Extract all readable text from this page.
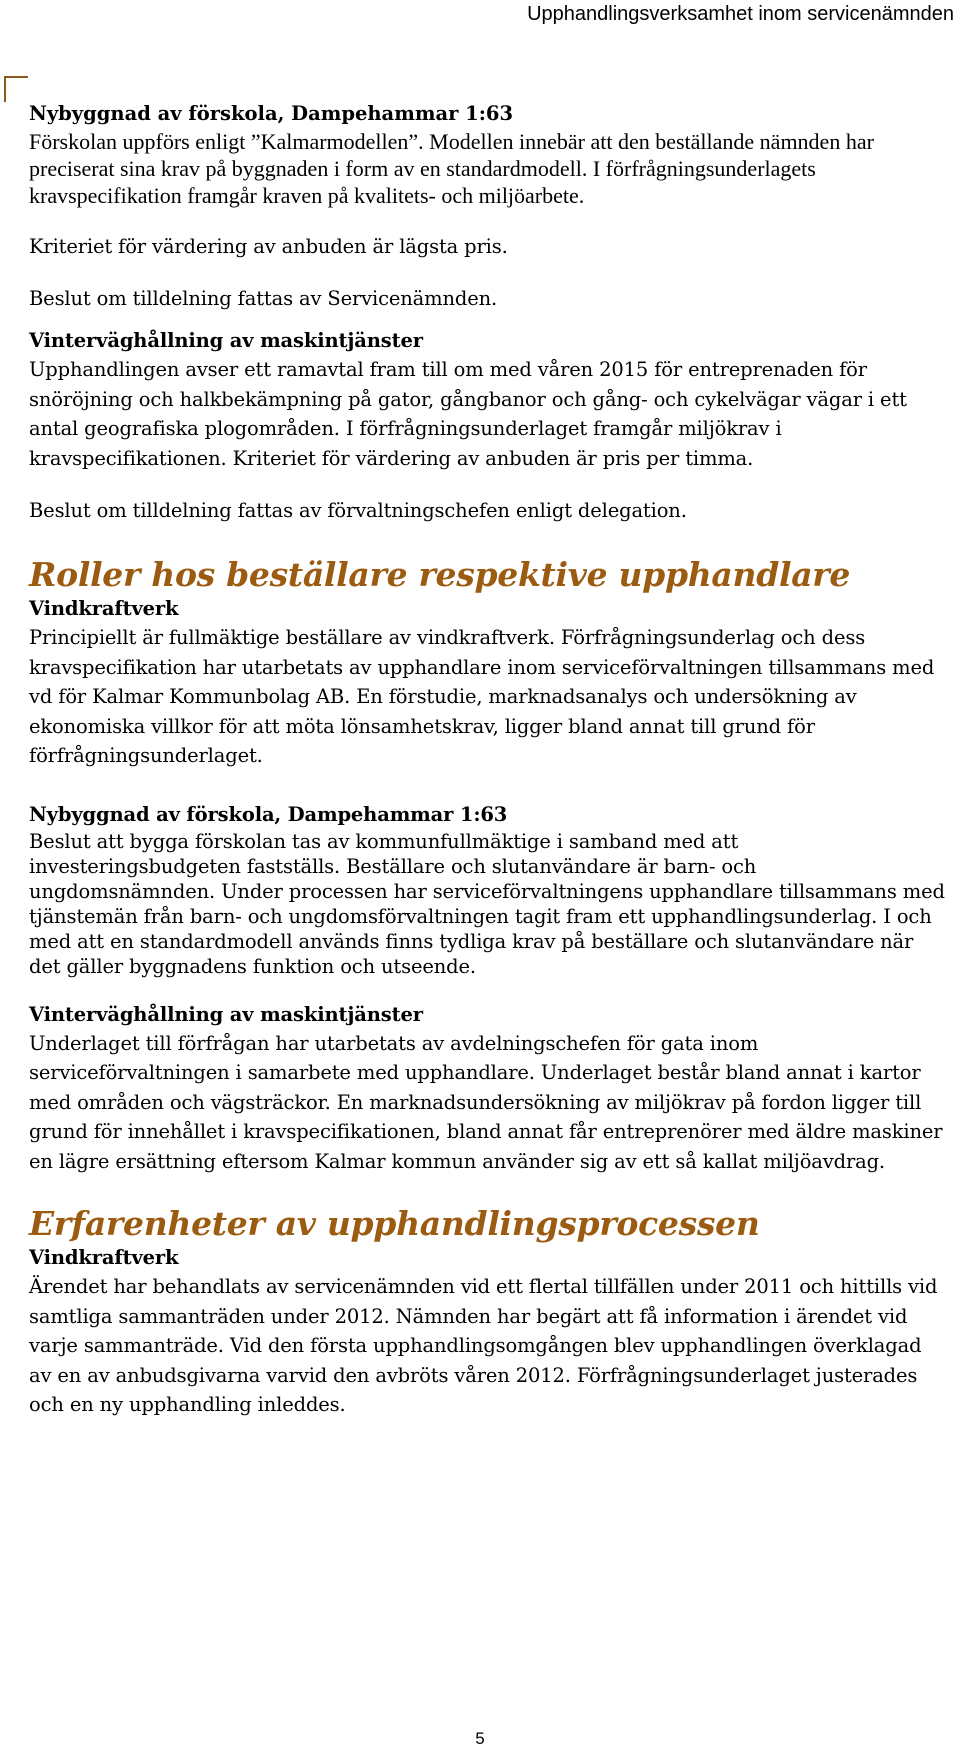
Upphandlingsverksamhet inom servicenämnden

Nybyggnad av förskola, Dampehammar 1:63

Förskolan uppförs enligt ”Kalmarmodellen”. Modellen innebär att den beställande nämnden har preciserat sina krav på byggnaden i form av en standardmodell. I förfrågningsunderlagets kravspecifikation framgår kraven på kvalitets- och miljöarbete.

Kriteriet för värdering av anbuden är lägsta pris.

Beslut om tilldelning fattas av Servicenämnden.

Vinterväghållning av maskintjänster

Upphandlingen avser ett ramavtal fram till om med våren 2015 för entreprenaden för snöröjning och halkbekämpning på gator, gångbanor och gång- och cykelvägar vägar i ett antal geografiska plogområden. I förfrågningsunderlaget framgår miljökrav i kravspecifikationen. Kriteriet för värdering av anbuden är pris per timma.

Beslut om tilldelning fattas av förvaltningschefen enligt delegation.

Roller hos beställare respektive upphandlare

Vindkraftverk

Principiellt är fullmäktige beställare av vindkraftverk. Förfrågningsunderlag och dess kravspecifikation har utarbetats av upphandlare inom serviceförvaltningen tillsammans med vd för Kalmar Kommunbolag AB. En förstudie, marknadsanalys och undersökning av ekonomiska villkor för att möta lönsamhetskrav, ligger bland annat till grund för förfrågningsunderlaget.

Nybyggnad av förskola, Dampehammar 1:63

Beslut att bygga förskolan tas av kommunfullmäktige i samband med att investeringsbudgeten fastställs. Beställare och slutanvändare är barn- och ungdomsnämnden. Under processen har serviceförvaltningens upphandlare tillsammans med tjänstemän från barn- och ungdomsförvaltningen tagit fram ett upphandlingsunderlag. I och med att en standardmodell används finns tydliga krav på beställare och slutanvändare när det gäller byggnadens funktion och utseende.

Vinterväghållning av maskintjänster

Underlaget till förfrågan har utarbetats av avdelningschefen för gata inom serviceförvaltningen i samarbete med upphandlare. Underlaget består bland annat i kartor med områden och vägsträckor. En marknadsundersökning av miljökrav på fordon ligger till grund för innehållet i kravspecifikationen, bland annat får entreprenörer med äldre maskiner en lägre ersättning eftersom Kalmar kommun använder sig av ett så kallat miljöavdrag.

Erfarenheter av upphandlingsprocessen

Vindkraftverk

Ärendet har behandlats av servicenämnden vid ett flertal tillfällen under 2011 och hittills vid samtliga sammanträden under 2012. Nämnden har begärt att få information i ärendet vid varje sammanträde. Vid den första upphandlingsomgången blev upphandlingen överklagad av en av anbudsgivarna varvid den avbröts våren 2012. Förfrågningsunderlaget justerades och en ny upphandling inleddes.

5
